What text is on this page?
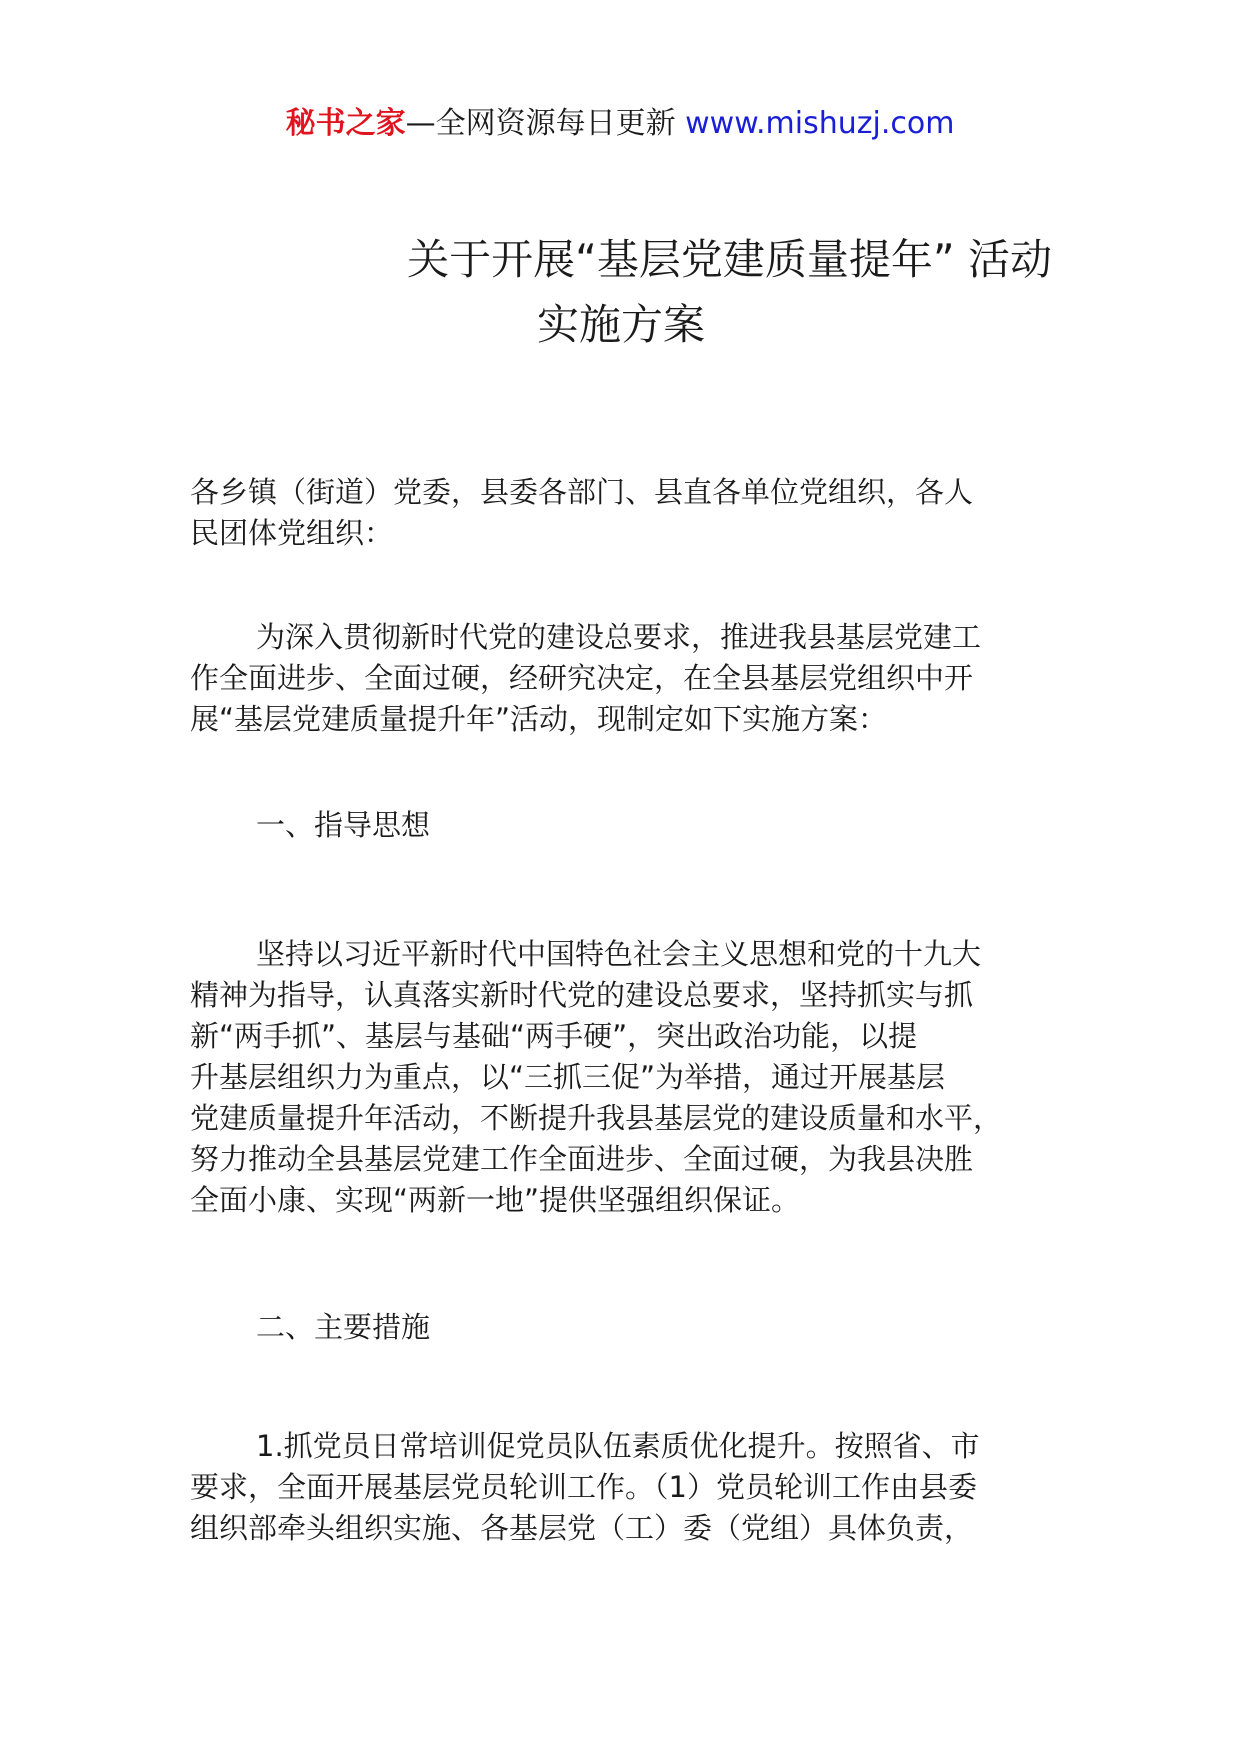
秘书之家—全网资源每日更新 www.mishuzj.com
关于开展“基层党建质量提年” 活动
实施方案

各乡镇（街道）党委，县委各部门、县直各单位党组织，各人
民团体党组织：

为深入贯彻新时代党的建设总要求，推进我县基层党建工
作全面进步、全面过硬，经研究决定，在全县基层党组织中开
展“基层党建质量提升年”活动，现制定如下实施方案：

一、指导思想

坚持以习近平新时代中国特色社会主义思想和党的十九大
精神为指导，认真落实新时代党的建设总要求，坚持抓实与抓
新“两手抓”、基层与基础“两手硬”，突出政治功能，以提
升基层组织力为重点，以“三抓三促”为举措，通过开展基层
党建质量提升年活动，不断提升我县基层党的建设质量和水平，
努力推动全县基层党建工作全面进步、全面过硬，为我县决胜
全面小康、实现“两新一地”提供坚强组织保证。

二、主要措施

1.抓党员日常培训促党员队伍素质优化提升。按照省、市
要求，全面开展基层党员轮训工作。（1）党员轮训工作由县委
组织部牵头组织实施、各基层党（工）委（党组）具体负责，
